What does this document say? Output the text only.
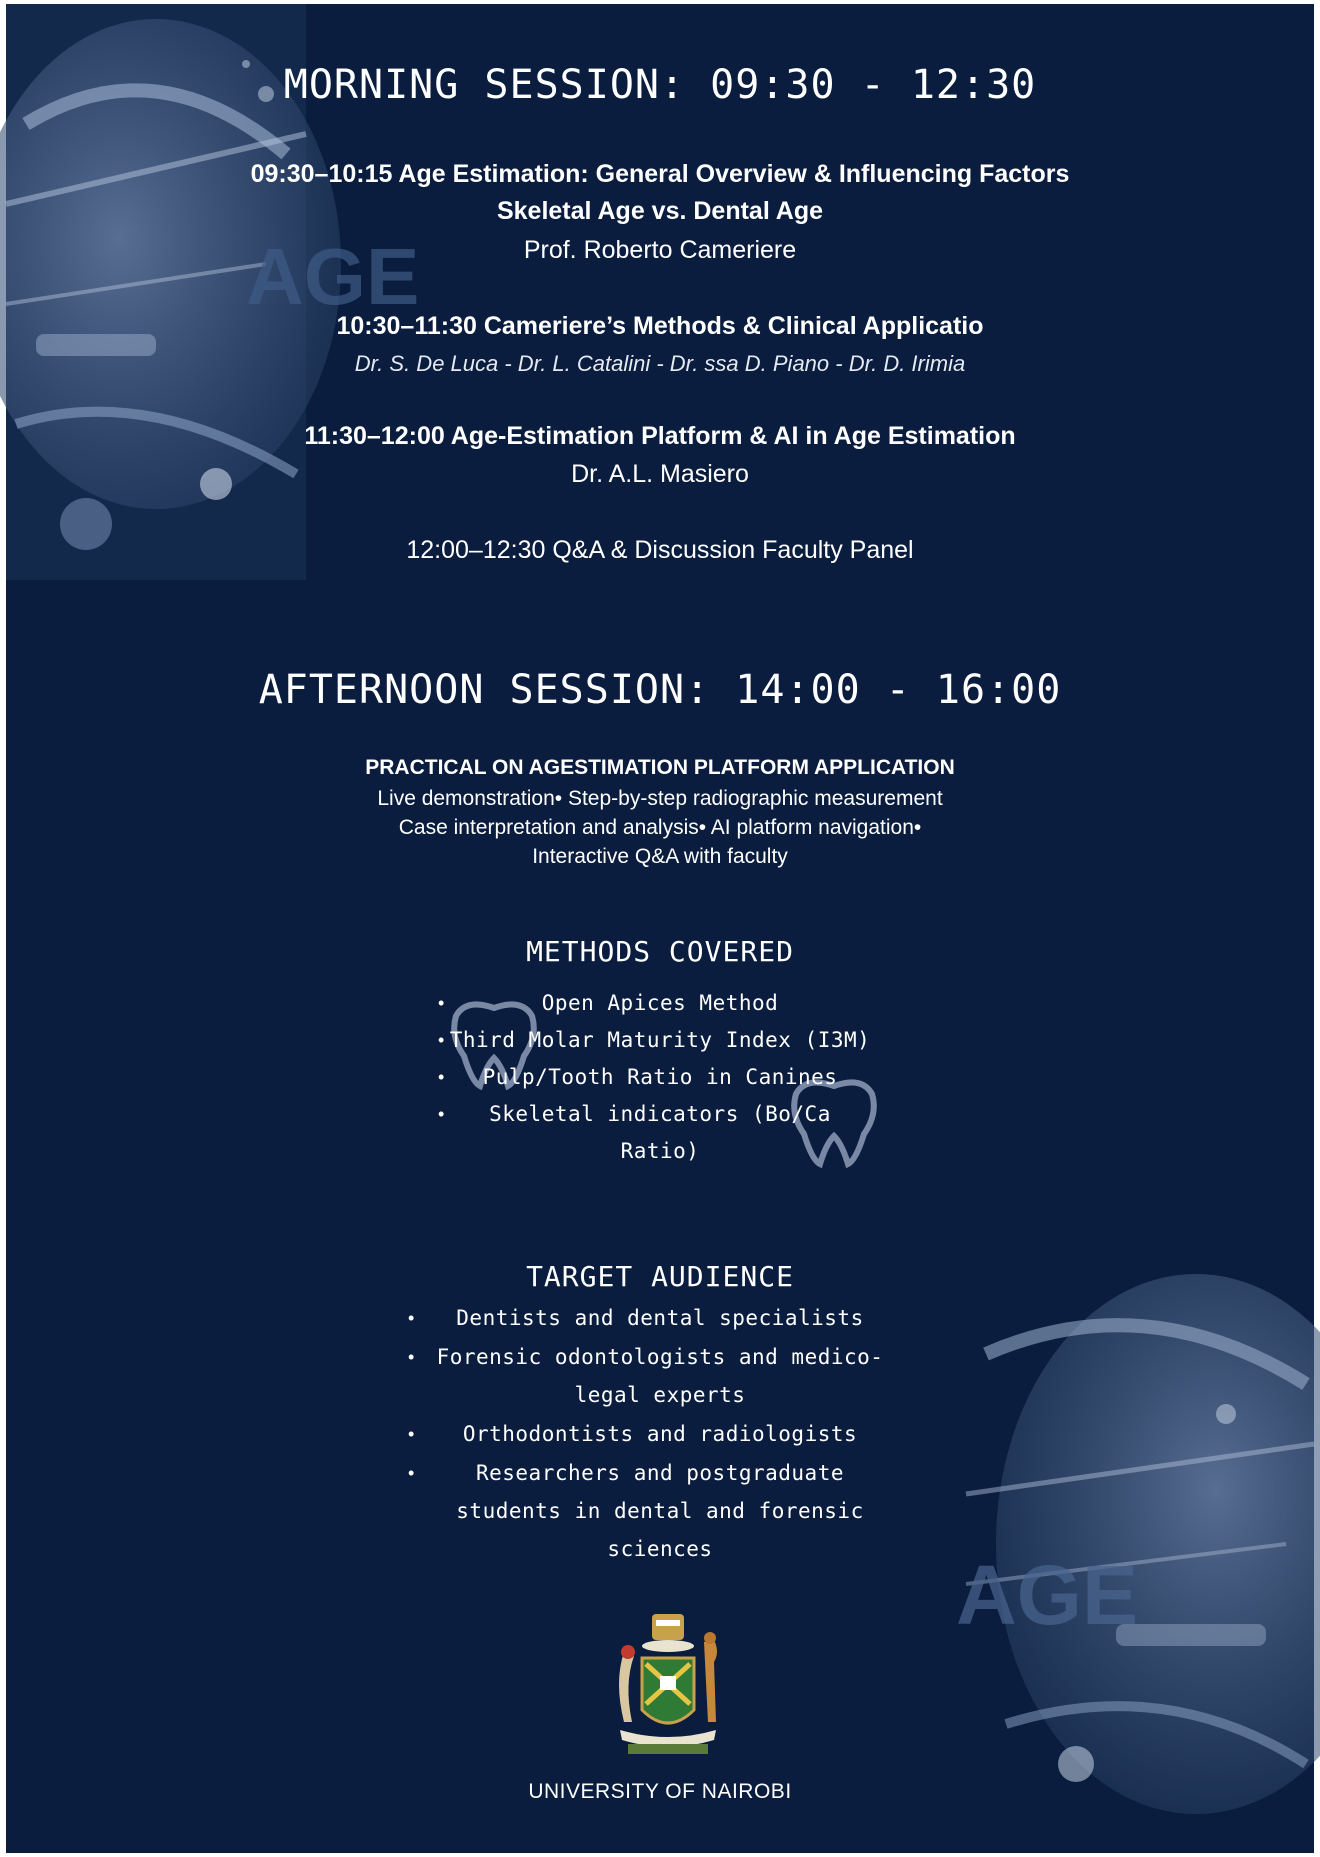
AGE
AGE
MORNING SESSION: 09:30 - 12:30
09:30–10:15 Age Estimation: General Overview & Influencing Factors
Skeletal Age vs. Dental Age
Prof. Roberto Cameriere
10:30–11:30 Cameriere’s Methods & Clinical Applicatio
Dr. S. De Luca - Dr. L. Catalini - Dr. ssa D. Piano - Dr. D. Irimia
11:30–12:00 Age-Estimation Platform & AI in Age Estimation
Dr. A.L. Masiero
12:00–12:30 Q&A & Discussion Faculty Panel
AFTERNOON SESSION: 14:00 - 16:00
PRACTICAL ON AGESTIMATION PLATFORM APPLICATION
Live demonstration• Step-by-step radiographic measurement
Case interpretation and analysis• AI platform navigation•
Interactive Q&A with faculty
METHODS COVERED
•	Open Apices Method
• Third Molar Maturity Index (I3M)
•	Pulp/Tooth Ratio in Canines
•	Skeletal indicators (Bo/Ca
Ratio)
TARGET AUDIENCE
•	Dentists and dental specialists
•	Forensic odontologists and medico-
legal experts
•	Orthodontists and radiologists
•	Researchers and postgraduate
students in dental and forensic
sciences
UNIVERSITY OF NAIROBI
